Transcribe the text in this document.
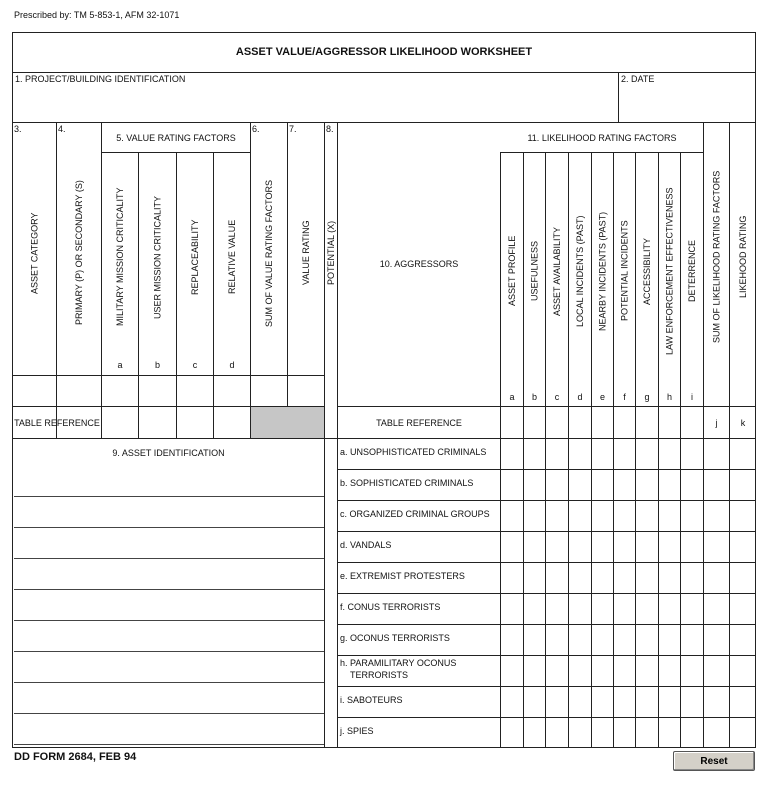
Prescribed by: TM 5-853-1, AFM 32-1071
ASSET VALUE/AGGRESSOR LIKELIHOOD WORKSHEET
1. PROJECT/BUILDING IDENTIFICATION	2. DATE
3.	4.	6.	7.	8.
ASSET CATEGORY	PRIMARY (P) OR SECONDARY (S)
5. VALUE RATING FACTORS
MILITARY MISSION CRITICALITY	USER MISSION CRITICALITY	REPLACEABILITY	RELATIVE VALUE
a	b	c	d
SUM OF VALUE RATING FACTORS	VALUE RATING	POTENTIAL (X)
TABLE REFERENCE
9. ASSET IDENTIFICATION
10. AGGRESSORS
11. LIKELIHOOD RATING FACTORS
ASSET PROFILE	USEFULNESS	ASSET AVAILABILITY	LOCAL INCIDENTS (PAST)	NEARBY INCIDENTS (PAST)	POTENTIAL INCIDENTS	ACCESSIBILITY	LAW ENFORCEMENT EFFECTIVENESS	DETERRENCE	SUM OF LIKELIHOOD RATING FACTORS	LIKEHOOD RATING
a	b	c	d	e	f	g	h	i
TABLE REFERENCE	j	k
a. UNSOPHISTICATED CRIMINALS
b. SOPHISTICATED CRIMINALS
c. ORGANIZED CRIMINAL GROUPS
d. VANDALS
e. EXTREMIST PROTESTERS
f. CONUS TERRORISTS
g. OCONUS TERRORISTS
h. PARAMILITARY OCONUS
TERRORISTS
i. SABOTEURS
j. SPIES
DD FORM 2684, FEB 94	Reset
